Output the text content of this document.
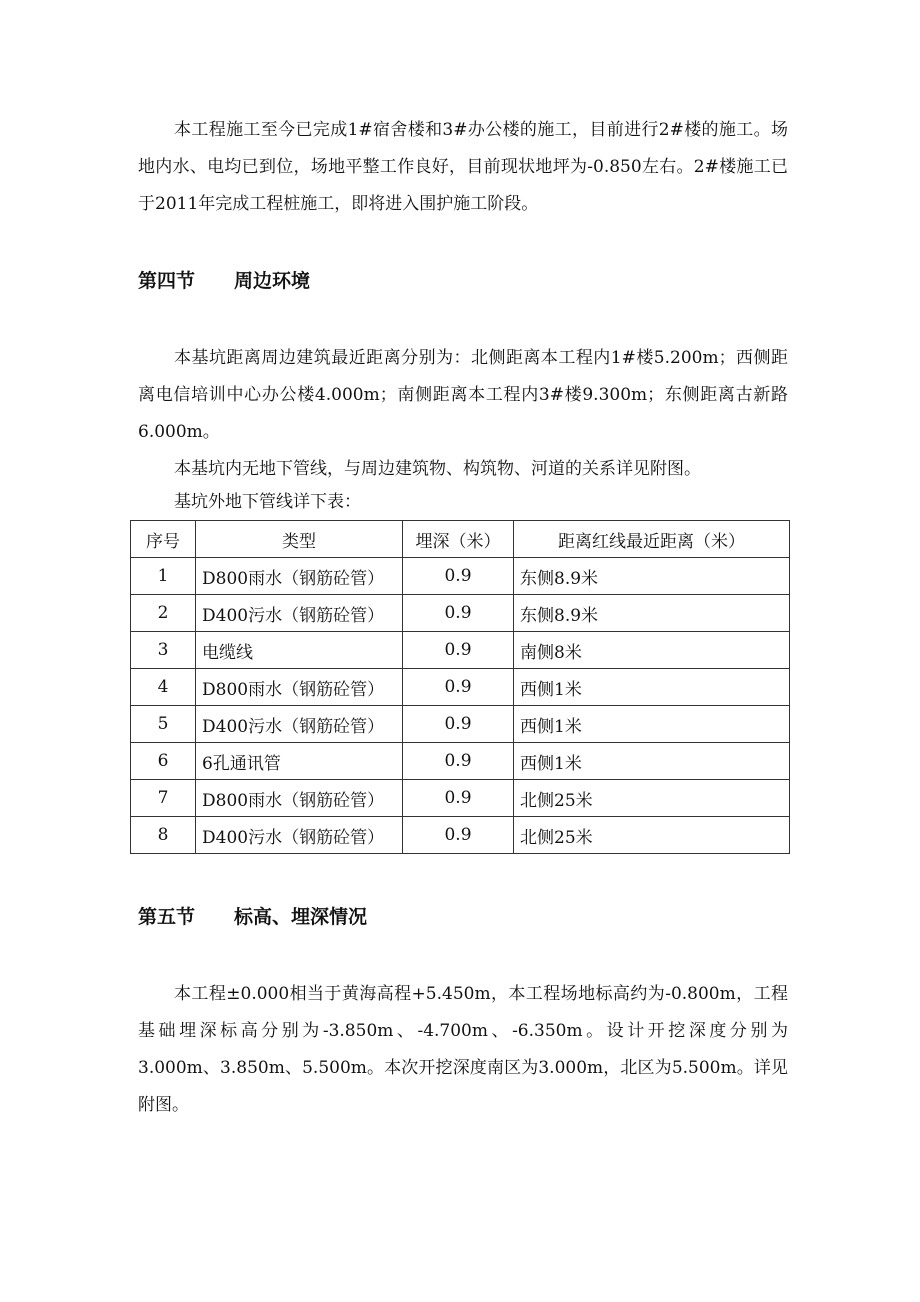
本工程施工至今已完成1#宿舍楼和3#办公楼的施工，目前进行2#楼的施工。场地内水、电均已到位，场地平整工作良好，目前现状地坪为-0.850左右。2#楼施工已于2011年完成工程桩施工，即将进入围护施工阶段。

第四节 周边环境

本基坑距离周边建筑最近距离分别为：北侧距离本工程内1#楼5.200m；西侧距离电信培训中心办公楼4.000m；南侧距离本工程内3#楼9.300m；东侧距离古新路6.000m。

本基坑内无地下管线，与周边建筑物、构筑物、河道的关系详见附图。

基坑外地下管线详下表：

序号	类型	埋深（米）	距离红线最近距离（米）
1	D800雨水（钢筋砼管）	0.9	东侧8.9米
2	D400污水（钢筋砼管）	0.9	东侧8.9米
3	电缆线	0.9	南侧8米
4	D800雨水（钢筋砼管）	0.9	西侧1米
5	D400污水（钢筋砼管）	0.9	西侧1米
6	6孔通讯管	0.9	西侧1米
7	D800雨水（钢筋砼管）	0.9	北侧25米
8	D400污水（钢筋砼管）	0.9	北侧25米
第五节 标高、埋深情况

本工程±0.000相当于黄海高程+5.450m，本工程场地标高约为-0.800m，工程基础埋深标高分别为-3.850m、-4.700m、-6.350m。设计开挖深度分别为3.000m、3.850m、5.500m。本次开挖深度南区为3.000m，北区为5.500m。详见附图。
